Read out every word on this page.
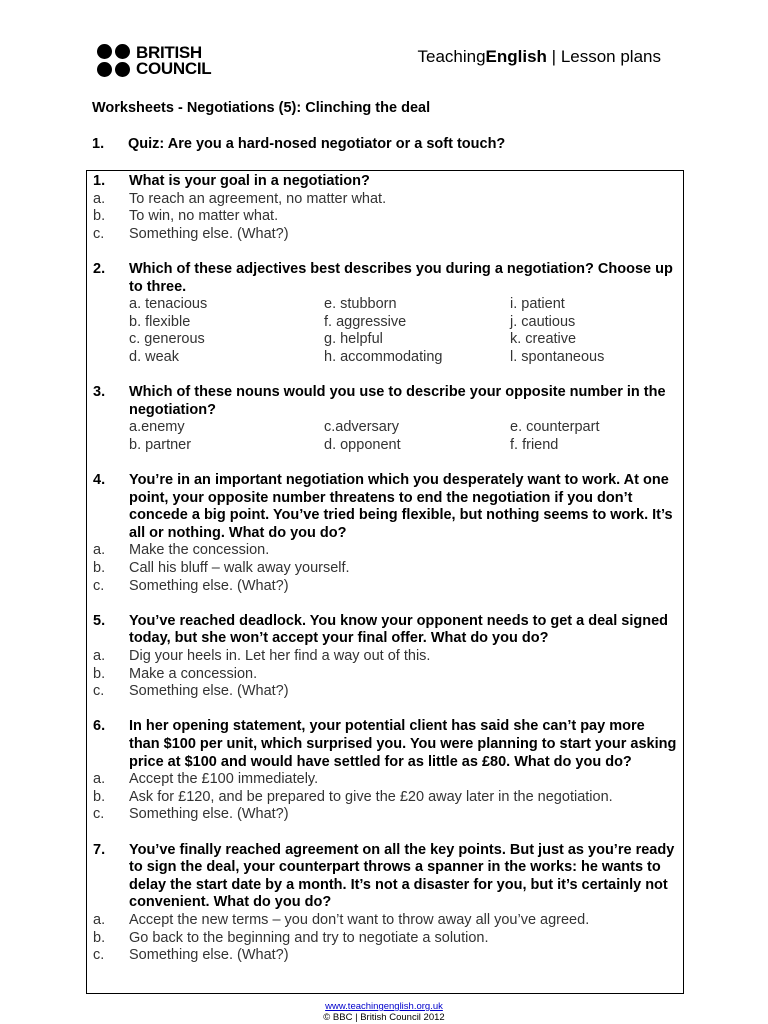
BRITISH
COUNCIL
TeachingEnglish | Lesson plans
Worksheets - Negotiations (5): Clinching the deal
1. Quiz: Are you a hard-nosed negotiator or a soft touch?
1.	What is your goal in a negotiation?
a.	To reach an agreement, no matter what.
b.	To win, no matter what.
c.	Something else. (What?)
2.	Which of these adjectives best describes you during a negotiation? Choose up to three.
a. tenacious	e. stubborn	i. patient
b. flexible	f. aggressive	j. cautious
c. generous	g. helpful	k. creative
d. weak	h. accommodating	l. spontaneous
3.	Which of these nouns would you use to describe your opposite number in the negotiation?
a.enemy	c.adversary	e. counterpart
b. partner	d. opponent	f. friend
4.	You’re in an important negotiation which you desperately want to work. At one point, your opposite number threatens to end the negotiation if you don’t concede a big point. You’ve tried being flexible, but nothing seems to work. It’s all or nothing. What do you do?
a.	Make the concession.
b.	Call his bluff – walk away yourself.
c.	Something else. (What?)
5.	You’ve reached deadlock. You know your opponent needs to get a deal signed today, but she won’t accept your final offer. What do you do?
a.	Dig your heels in. Let her find a way out of this.
b.	Make a concession.
c.	Something else. (What?)
6.	In her opening statement, your potential client has said she can’t pay more than $100 per unit, which surprised you. You were planning to start your asking price at $100 and would have settled for as little as £80. What do you do?
a.	Accept the £100 immediately.
b.	Ask for £120, and be prepared to give the £20 away later in the negotiation.
c.	Something else. (What?)
7.	You’ve finally reached agreement on all the key points. But just as you’re ready to sign the deal, your counterpart throws a spanner in the works: he wants to delay the start date by a month. It’s not a disaster for you, but it’s certainly not convenient. What do you do?
a.	Accept the new terms – you don’t want to throw away all you’ve agreed.
b.	Go back to the beginning and try to negotiate a solution.
c.	Something else. (What?)
www.teachingenglish.org.uk
© BBC | British Council 2012
